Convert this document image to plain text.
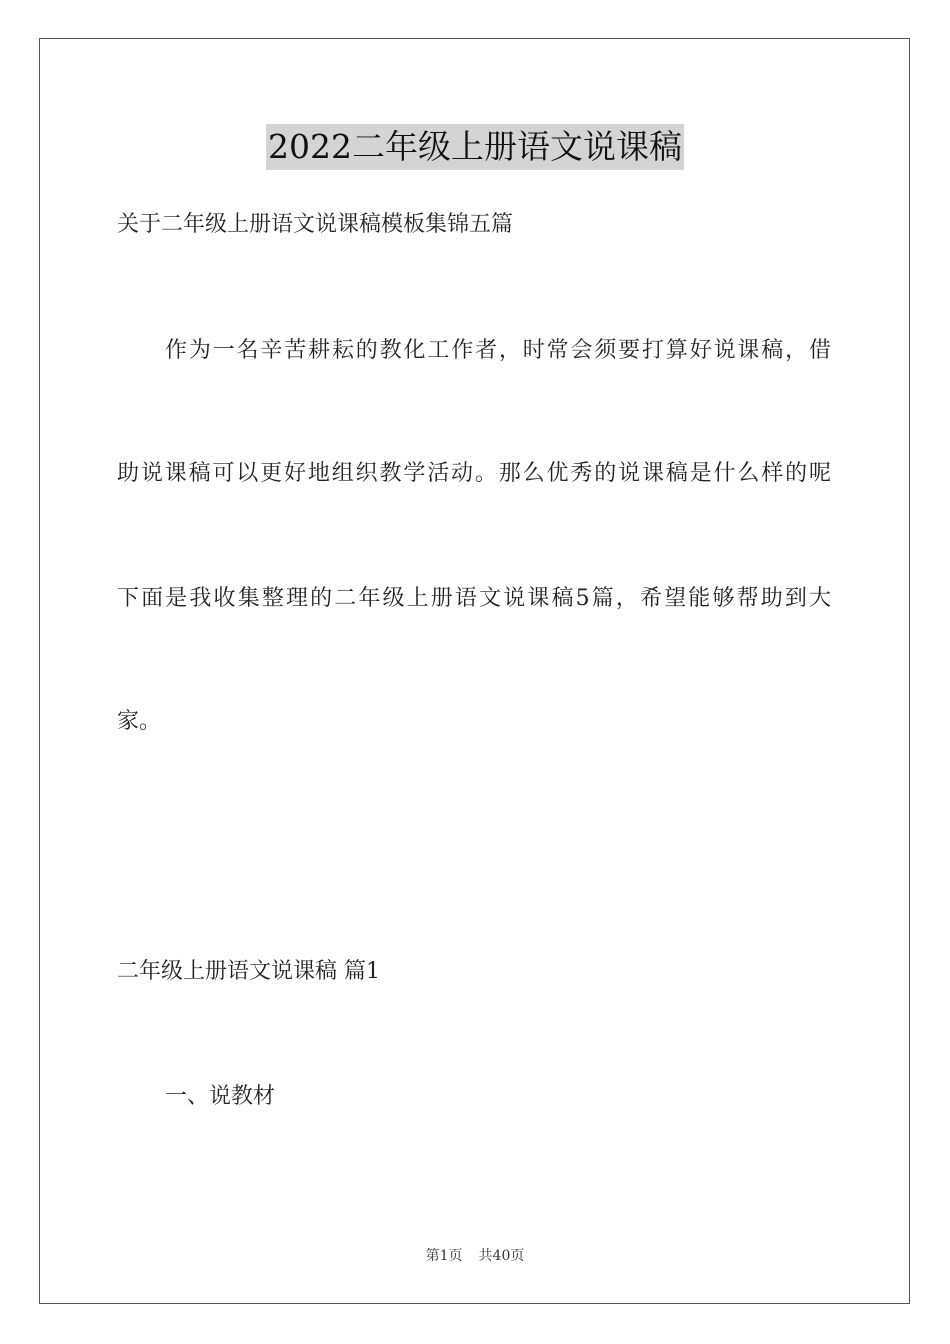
2022二年级上册语文说课稿

关于二年级上册语文说课稿模板集锦五篇

作为一名辛苦耕耘的教化工作者，时常会须要打算好说课稿，借

助说课稿可以更好地组织教学活动。那么优秀的说课稿是什么样的呢

下面是我收集整理的二年级上册语文说课稿5篇，希望能够帮助到大

家。

二年级上册语文说课稿 篇1

一、说教材

第1页 共40页
